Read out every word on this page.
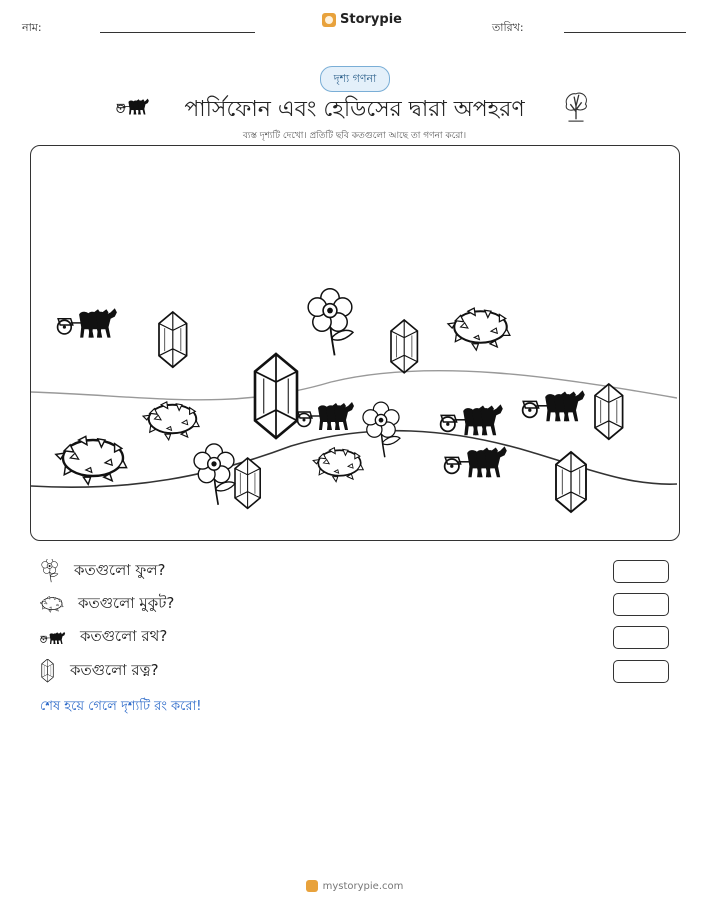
নাম:
Storypie
তারিখ:
দৃশ্য গণনা
পার্সিফোন এবং হেডিসের দ্বারা অপহরণ
ব্যস্ত দৃশ্যটি দেখো। প্রতিটি ছবি কতগুলো আছে তা গণনা করো।
কতগুলো ফুল?
কতগুলো মুকুট?
কতগুলো রথ?
কতগুলো রত্ন?
শেষ হয়ে গেলে দৃশ্যটি রং করো!
mystorypie.com
